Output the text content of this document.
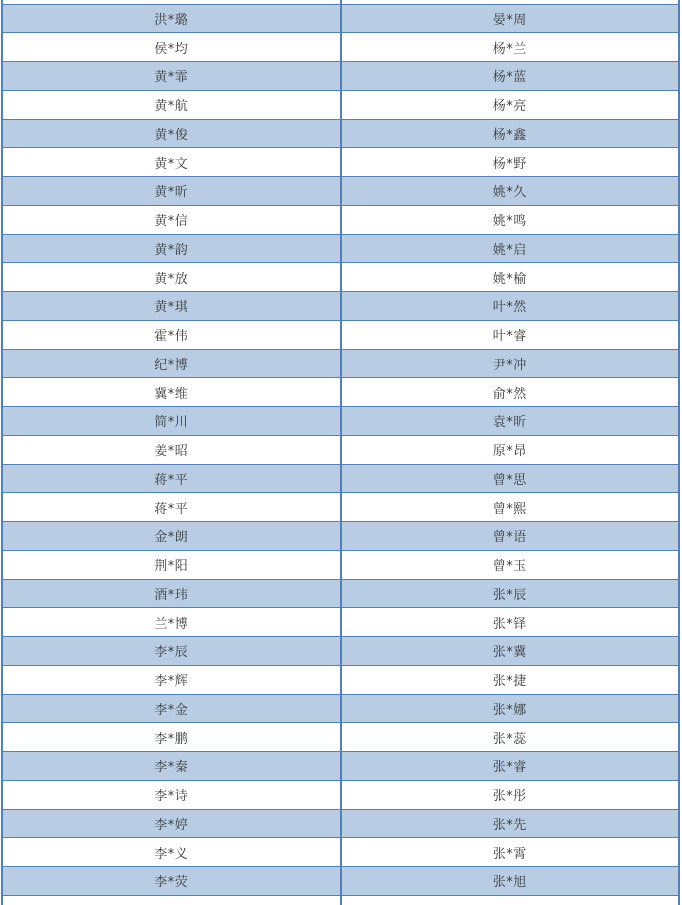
洪*璐	晏*周
侯*均	杨*兰
黄*霏	杨*蓝
黄*航	杨*亮
黄*俊	杨*鑫
黄*文	杨*野
黄*昕	姚*久
黄*信	姚*鸣
黄*韵	姚*启
黄*放	姚*榆
黄*琪	叶*然
霍*伟	叶*睿
纪*博	尹*冲
冀*维	俞*然
简*川	袁*昕
姜*昭	原*昂
蒋*平	曾*思
蒋*平	曾*熙
金*朗	曾*语
荆*阳	曾*玉
酒*玮	张*辰
兰*博	张*铎
李*辰	张*冀
李*辉	张*捷
李*金	张*娜
李*鹏	张*蕊
李*秦	张*睿
李*诗	张*彤
李*婷	张*先
李*义	张*霄
李*荧	张*旭
